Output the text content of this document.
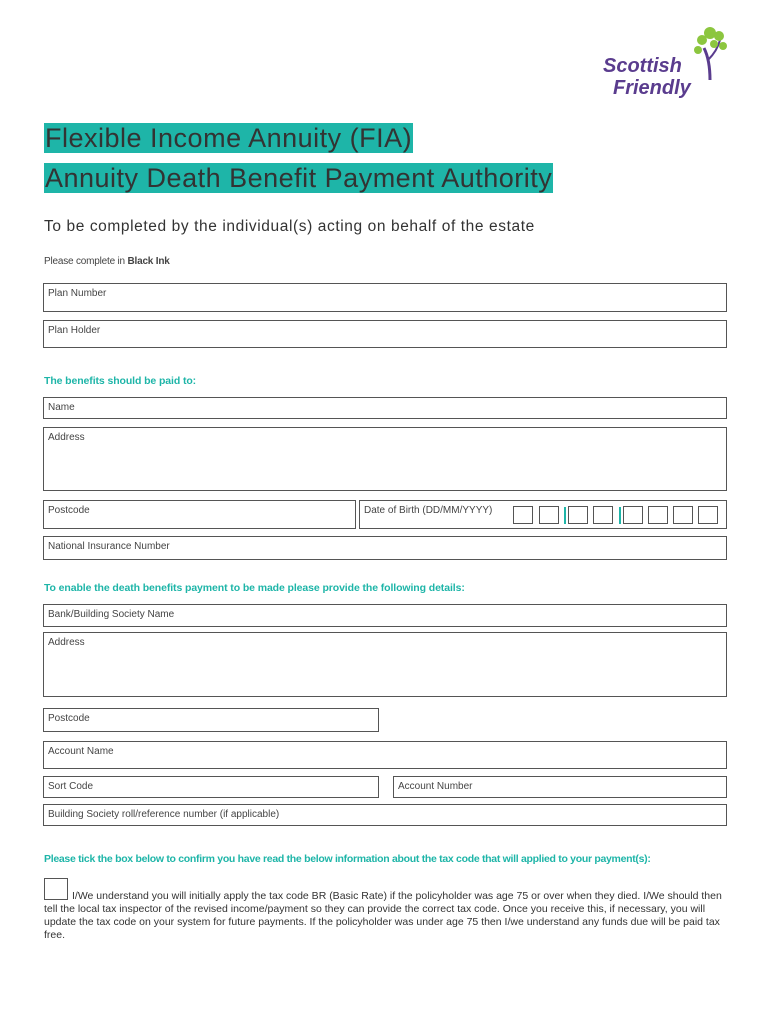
Scottish
Friendly
Flexible Income Annuity (FIA)
Annuity Death Benefit Payment Authority
To be completed by the individual(s) acting on behalf of the estate
Please complete in Black Ink
Plan Number
Plan Holder
The benefits should be paid to:
Name
Address
Postcode	Date of Birth (DD/MM/YYYY)
National Insurance Number
To enable the death benefits payment to be made please provide the following details:
Bank/Building Society Name
Address
Postcode
Account Name
Sort Code	Account Number
Building Society roll/reference number (if applicable)
Please tick the box below to confirm you have read the below information about the tax code that will applied to your payment(s):
I/We understand you will initially apply the tax code BR (Basic Rate) if the policyholder was age 75 or over when they died. I/We should then tell the local tax inspector of the revised income/payment so they can provide the correct tax code. Once you receive this, if necessary, you will update the tax code on your system for future payments. If the policyholder was under age 75 then I/we understand any funds due will be paid tax free.
